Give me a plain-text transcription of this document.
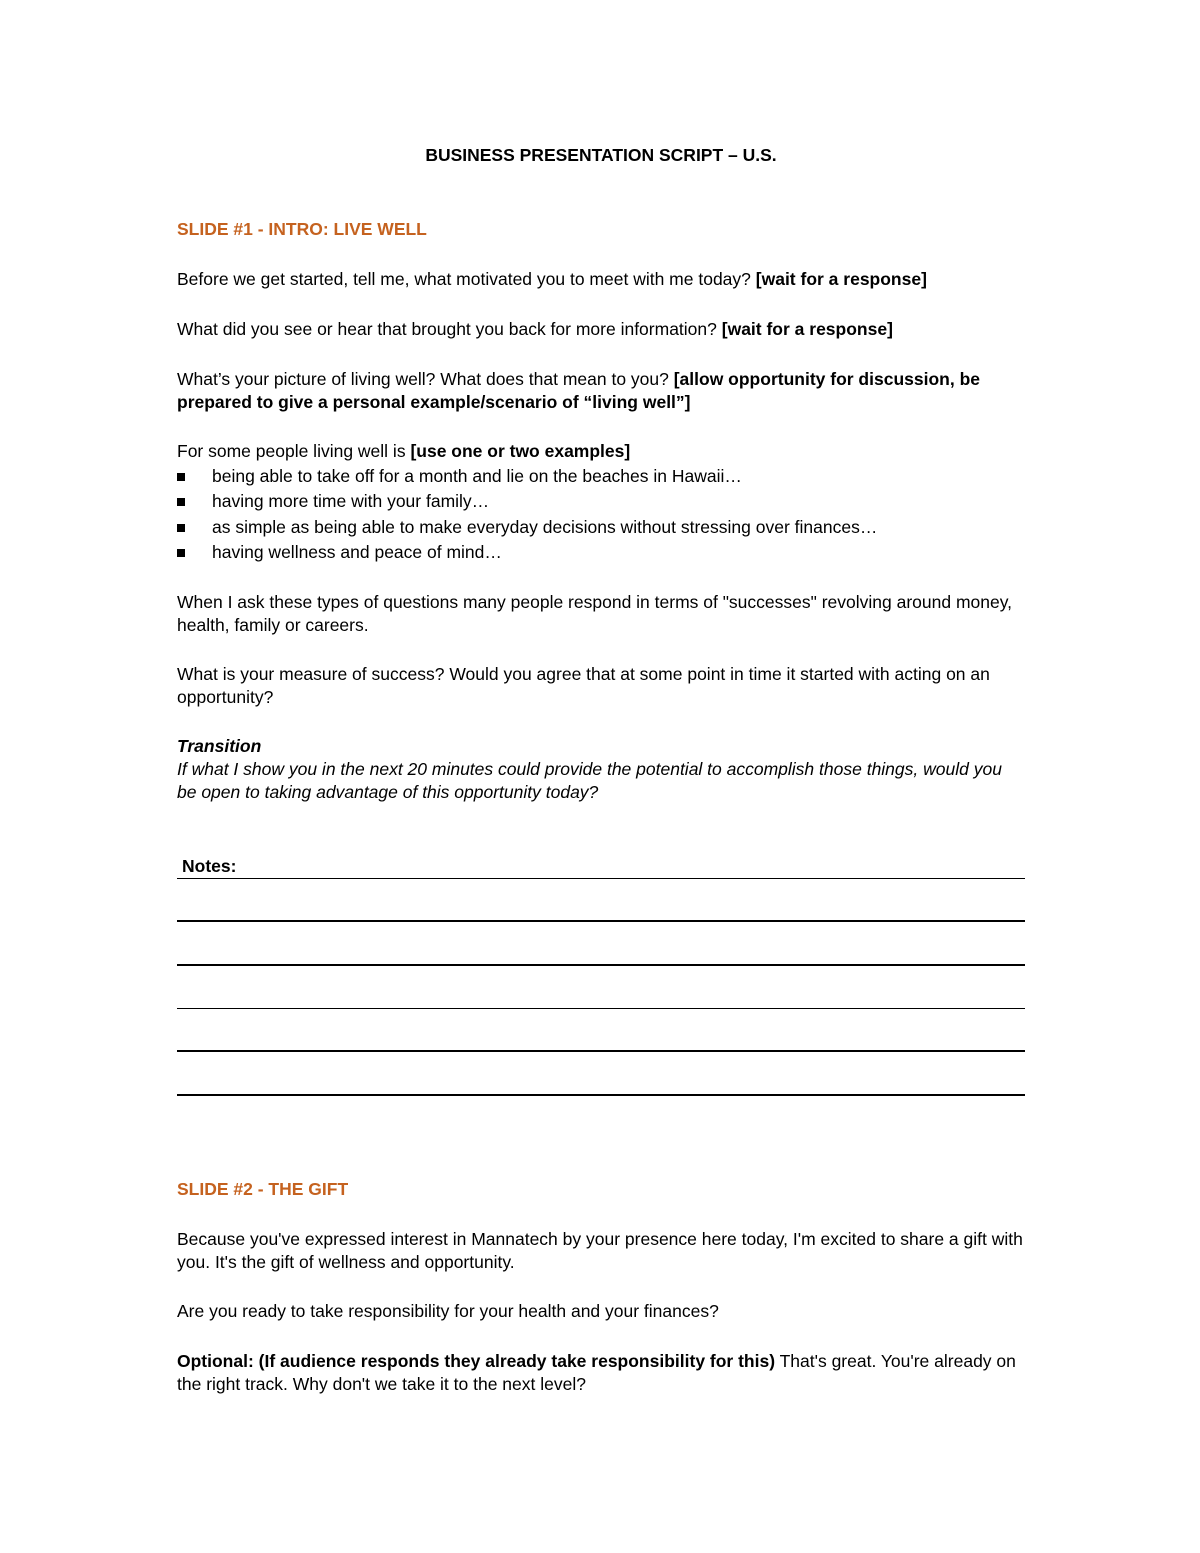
BUSINESS PRESENTATION SCRIPT – U.S.
SLIDE #1 - INTRO: LIVE WELL
Before we get started, tell me, what motivated you to meet with me today? [wait for a response]
What did you see or hear that brought you back for more information? [wait for a response]
What’s your picture of living well? What does that mean to you? [allow opportunity for discussion, be prepared to give a personal example/scenario of “living well”]
For some people living well is [use one or two examples]
being able to take off for a month and lie on the beaches in Hawaii…
having more time with your family…
as simple as being able to make everyday decisions without stressing over finances…
having wellness and peace of mind…
When I ask these types of questions many people respond in terms of "successes" revolving around money, health, family or careers.
What is your measure of success? Would you agree that at some point in time it started with acting on an opportunity?
Transition
If what I show you in the next 20 minutes could provide the potential to accomplish those things, would you be open to taking advantage of this opportunity today?
Notes:
SLIDE #2 - THE GIFT
Because you've expressed interest in Mannatech by your presence here today, I'm excited to share a gift with you. It's the gift of wellness and opportunity.
Are you ready to take responsibility for your health and your finances?
Optional: (If audience responds they already take responsibility for this) That's great. You're already on the right track. Why don't we take it to the next level?
